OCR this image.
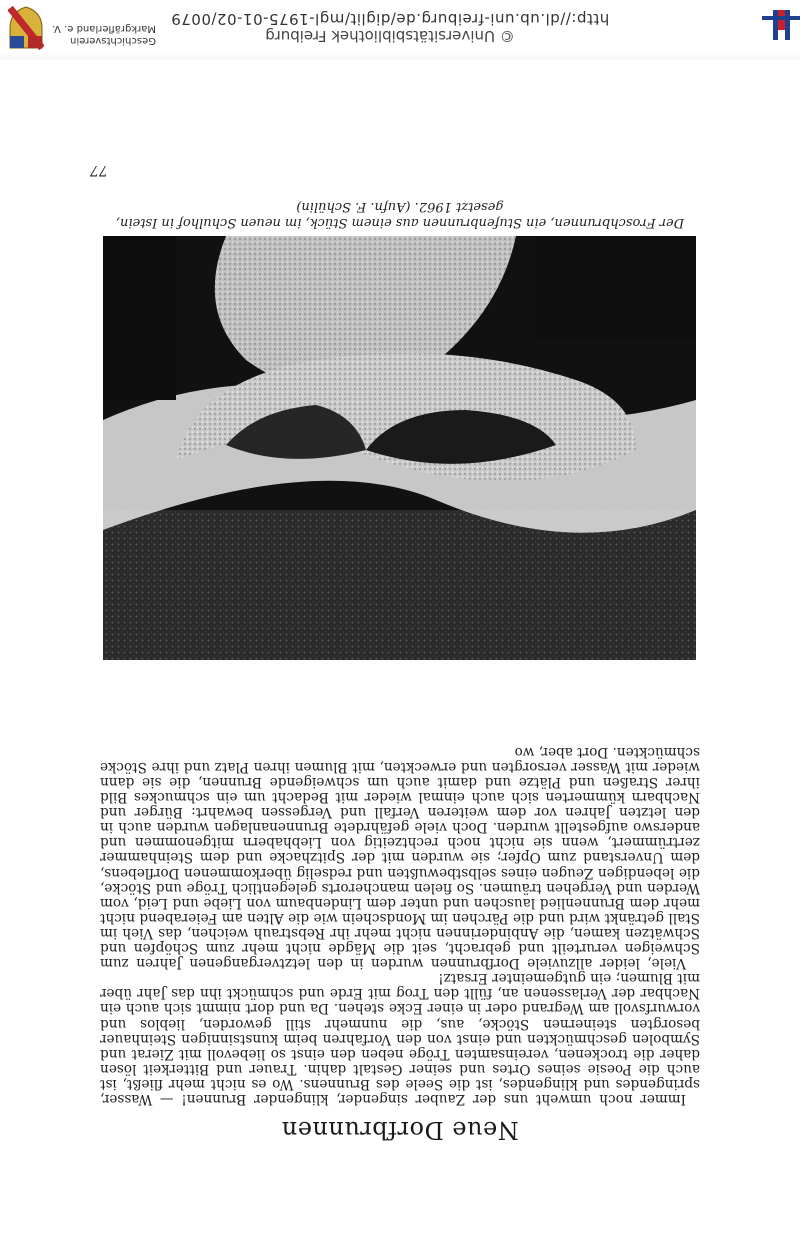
© Universitätsbibliothek Freiburg
http://dl.ub.uni-freiburg.de/diglit/mgl-1975-01-02/0079
Geschichtsverein
Markgräflerland e. V.
Neue Dorfbrunnen

Immer noch umweht uns der Zauber singender, klingender Brunnen! — Wasser, springendes und klingendes, ist die Seele des Brunnens. Wo es nicht mehr fließt, ist auch die Poesie seines Ortes und seiner Gestalt dahin. Trauer und Bitterkeit lösen daher die trockenen, vereinsamten Tröge neben den einst so liebevoll mit Zierat und Symbolen geschmückten und einst von den Vorfahren beim kunstsinnigen Steinhauer besorgten steinernen Stöcke, aus, die nunmehr still geworden, lieblos und vorwurfsvoll am Wegrand oder in einer Ecke stehen. Da und dort nimmt sich auch ein Nachbar der Verlassenen an, füllt den Trog mit Erde und schmückt ihn das Jahr über mit Blumen; ein gutgemeinter Ersatz!

Viele, leider allzuviele Dorfbrunnen wurden in den letztvergangenen Jahren zum Schweigen verurteilt und gebracht, seit die Mägde nicht mehr zum Schöpfen und Schwätzen kamen, die Anbinderinnen nicht mehr ihr Rebstrauh weichen, das Vieh im Stall getränkt wird und die Pärchen im Mondschein wie die Alten am Feierabend nicht mehr dem Brunnenlied lauschen und unter dem Lindenbaum von Liebe und Leid, vom Werden und Vergehen träumen. So fielen mancherorts gelegentlich Tröge und Stöcke, die lebendigen Zeugen eines selbstbewußten und redselig überkommenen Dorflebens, dem Unverstand zum Opfer; sie wurden mit der Spitzhacke und dem Steinhammer zertrümmert, wenn sie nicht noch rechtzeitig von Liebhabern mitgenommen und anderswo aufgestellt wurden. Doch viele gefährdete Brunnenanlagen wurden auch in den letzten Jahren vor dem weiteren Verfall und Vergessen bewahrt: Bürger und Nachbarn kümmerten sich auch einmal wieder mit Bedacht um ein schmuckes Bild ihrer Straßen und Plätze und damit auch um schweigende Brunnen, die sie dann wieder mit Wasser versorgten und erweckten, mit Blumen ihren Platz und ihre Stöcke schmückten. Dort aber, wo

Der Froschbrunnen, ein Stufenbrunnen aus einem Stück, im neuen Schulhof in Istein,
gesetzt 1962. (Aufn. F. Schülin)
77
